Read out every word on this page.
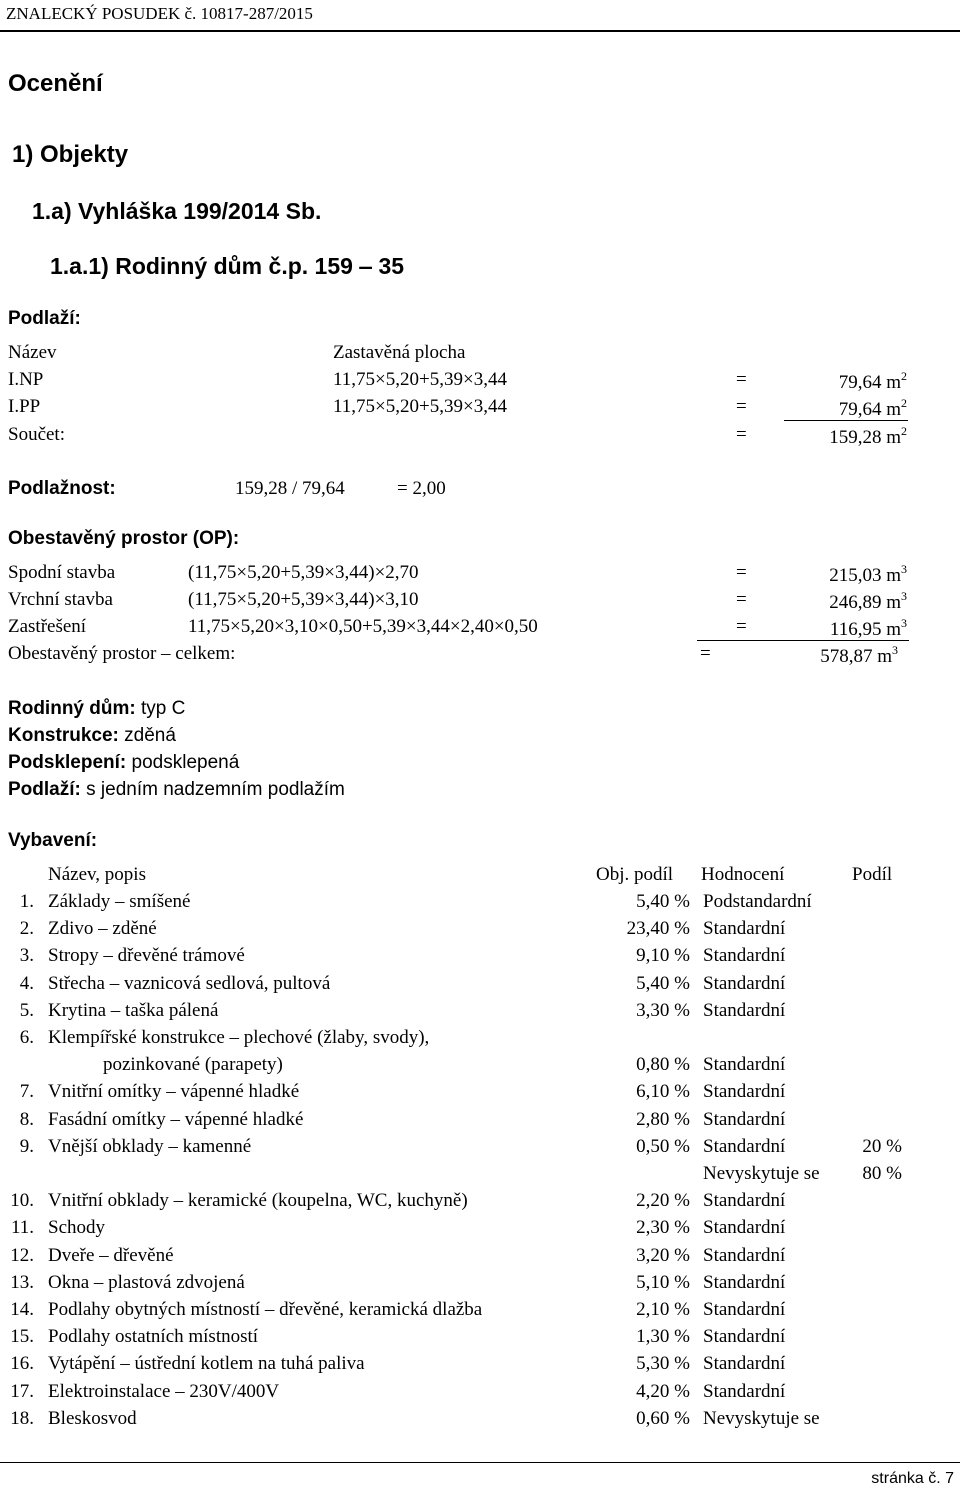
ZNALECKÝ POSUDEK č. 10817-287/2015
Ocenění
1) Objekty
1.a) Vyhláška 199/2014 Sb.
1.a.1) Rodinný dům č.p. 159 ‒ 35
Podlaží:
Název	Zastavěná plocha
I.NP	11,75×5,20+5,39×3,44	=	79,64 $m^2$
I.PP	11,75×5,20+5,39×3,44	=	79,64 $m^2$
Součet:	=	159,28 $m^2$
Podlažnost:	159,28 / 79,64	= 2,00
Obestavěný prostor (OP):
Spodní stavba	(11,75×5,20+5,39×3,44)×2,70	=	215,03 $m^3$
Vrchní stavba	(11,75×5,20+5,39×3,44)×3,10	=	246,89 $m^3$
Zastřešení	11,75×5,20×3,10×0,50+5,39×3,44×2,40×0,50	=	116,95 $m^3$
Obestavěný prostor ‒ celkem:	=	578,87 $m^3$
Rodinný dům: typ C
Konstrukce: zděná
Podsklepení: podsklepená
Podlaží: s jedním nadzemním podlažím
Vybavení:
Název, popis	Obj. podíl Hodnocení	Podíl
1. Základy ‒ smíšené	5,40 % Podstandardní
2. Zdivo ‒ zděné	23,40 % Standardní
3. Stropy ‒ dřevěné trámové	9,10 % Standardní
4. Střecha ‒ vaznicová sedlová, pultová	5,40 % Standardní
5. Krytina ‒ taška pálená	3,30 % Standardní
6. Klempířské konstrukce ‒ plechové (žlaby, svody),
pozinkované (parapety)	0,80 % Standardní
7. Vnitřní omítky ‒ vápenné hladké	6,10 % Standardní
8. Fasádní omítky ‒ vápenné hladké	2,80 % Standardní
9. Vnější obklady ‒ kamenné	0,50 % Standardní	20 %
Nevyskytuje se	80 %
10. Vnitřní obklady ‒ keramické (koupelna, WC, kuchyně)	2,20 % Standardní
11. Schody	2,30 % Standardní
12. Dveře ‒ dřevěné	3,20 % Standardní
13. Okna ‒ plastová zdvojená	5,10 % Standardní
14. Podlahy obytných místností ‒ dřevěné, keramická dlažba	2,10 % Standardní
15. Podlahy ostatních místností	1,30 % Standardní
16. Vytápění ‒ ústřední kotlem na tuhá paliva	5,30 % Standardní
17. Elektroinstalace ‒ 230V/400V	4,20 % Standardní
18. Bleskosvod	0,60 % Nevyskytuje se
stránka č. 7
